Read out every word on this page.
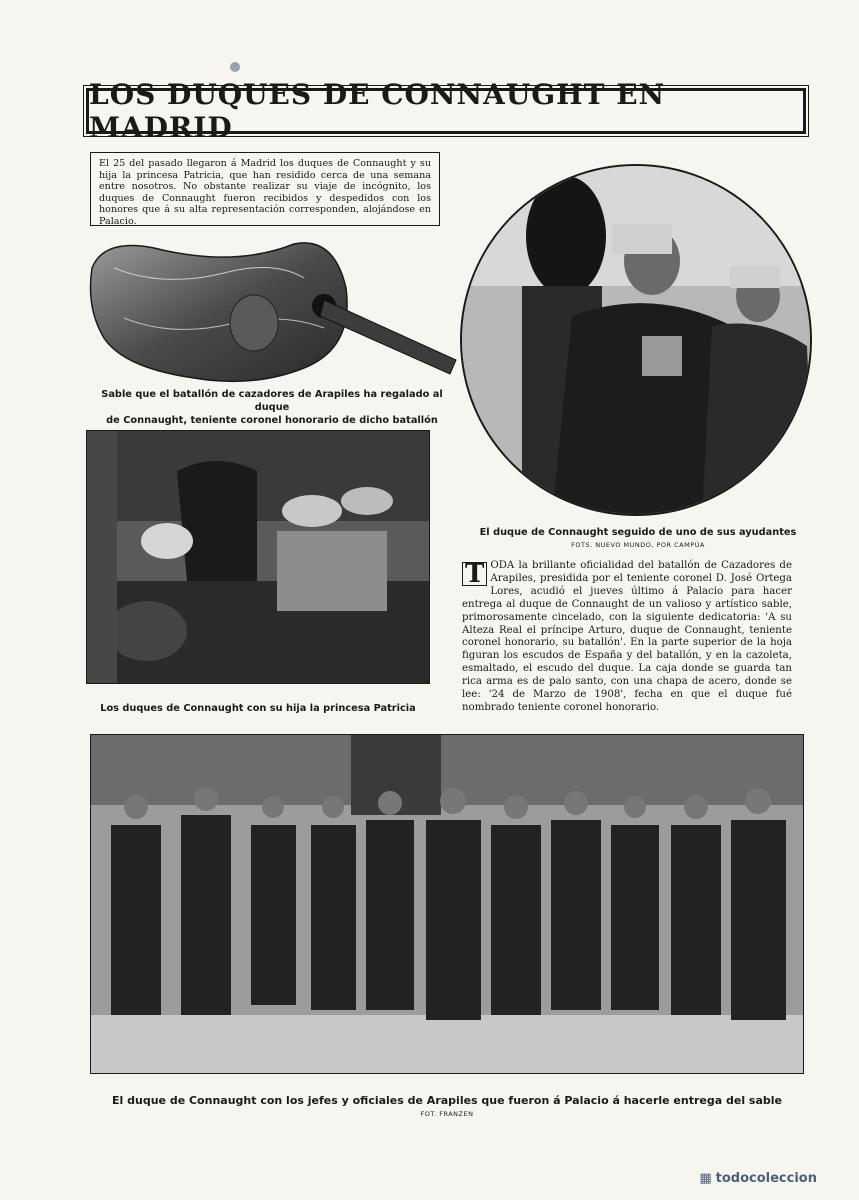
LOS DUQUES DE CONNAUGHT EN MADRID
El 25 del pasado llegaron á Madrid los duques de Connaught y su hija la princesa Patricia, que han residido cerca de una semana entre nosotros. No obstante realizar su viaje de incógnito, los duques de Connaught fueron recibidos y despedidos con los honores que á su alta representación corresponden, alojándose en Palacio.
Sable que el batallón de cazadores de Arapiles ha regalado al duque
de Connaught, teniente coronel honorario de dicho batallón
El duque de Connaught seguido de uno de sus ayudantes
FOTS. NUEVO MUNDO, POR CAMPÚA
Los duques de Connaught con su hija la princesa Patricia
T ODA la brillante oficialidad del batallón de Cazadores de Arapiles, presidida por el teniente coronel D. José Ortega Lores, acudió el jueves último á Palacio para hacer entrega al duque de Connaught de un valioso y artístico sable, primorosamente cincelado, con la siguiente dedicatoria: 'A su Alteza Real el príncipe Arturo, duque de Connaught, teniente coronel honorario, su batallón'. En la parte superior de la hoja figuran los escudos de España y del batallón, y en la cazoleta, esmaltado, el escudo del duque. La caja donde se guarda tan rica arma es de palo santo, con una chapa de acero, donde se lee: '24 de Marzo de 1908', fecha en que el duque fué nombrado teniente coronel honorario.
El duque de Connaught con los jefes y oficiales de Arapiles que fueron á Palacio á hacerle entrega del sable
FOT. FRANZEN
▦ todocoleccion
